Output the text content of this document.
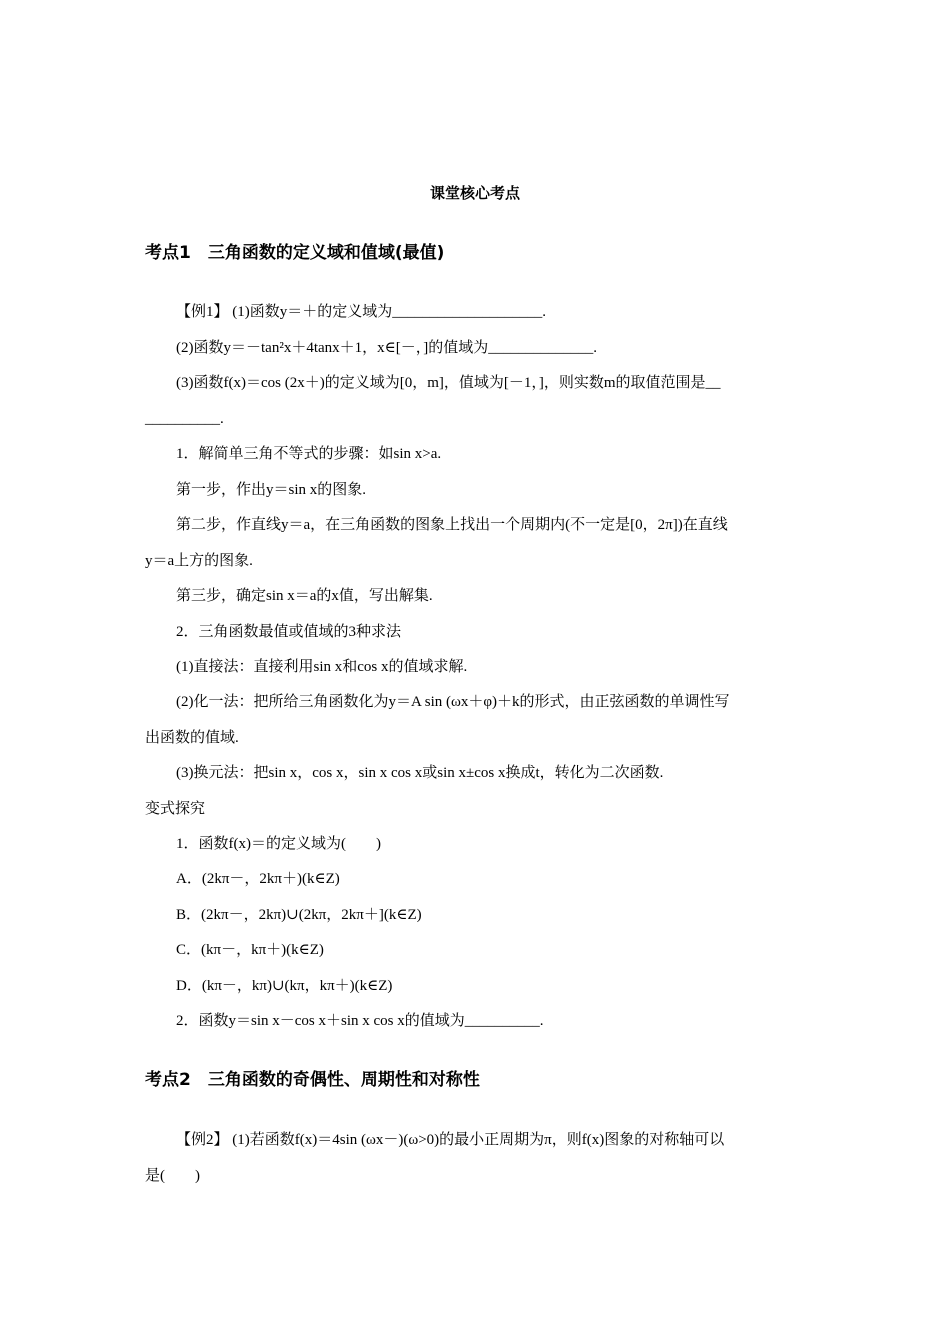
课堂核心考点
考点1　三角函数的定义域和值域(最值)
【例1】 (1)函数y＝＋的定义域为____________________.
(2)函数y＝－tan²x＋4tanx＋1，x∈[－，]的值域为______________.
(3)函数f(x)＝cos (2x＋)的定义域为[0，m]，值域为[－1，]，则实数m的取值范围是__
__________.
1．解简单三角不等式的步骤：如sin x>a.
第一步，作出y＝sin x的图象.
第二步，作直线y＝a，在三角函数的图象上找出一个周期内(不一定是[0，2π])在直线
y＝a上方的图象.
第三步，确定sin x＝a的x值，写出解集.
2．三角函数最值或值域的3种求法
(1)直接法：直接利用sin x和cos x的值域求解.
(2)化一法：把所给三角函数化为y＝A sin (ωx＋φ)＋k的形式，由正弦函数的单调性写
出函数的值域.
(3)换元法：把sin x，cos x，sin x cos x或sin x±cos x换成t，转化为二次函数.
变式探究
1．函数f(x)＝的定义域为(　　)
A．(2kπ－，2kπ＋)(k∈Z)
B．(2kπ－，2kπ)∪(2kπ，2kπ＋](k∈Z)
C．(kπ－，kπ＋)(k∈Z)
D．(kπ－，kπ)∪(kπ，kπ＋)(k∈Z)
2．函数y＝sin x－cos x＋sin x cos x的值域为__________.
考点2　三角函数的奇偶性、周期性和对称性
【例2】 (1)若函数f(x)＝4sin (ωx－)(ω>0)的最小正周期为π，则f(x)图象的对称轴可以
是(　　)
